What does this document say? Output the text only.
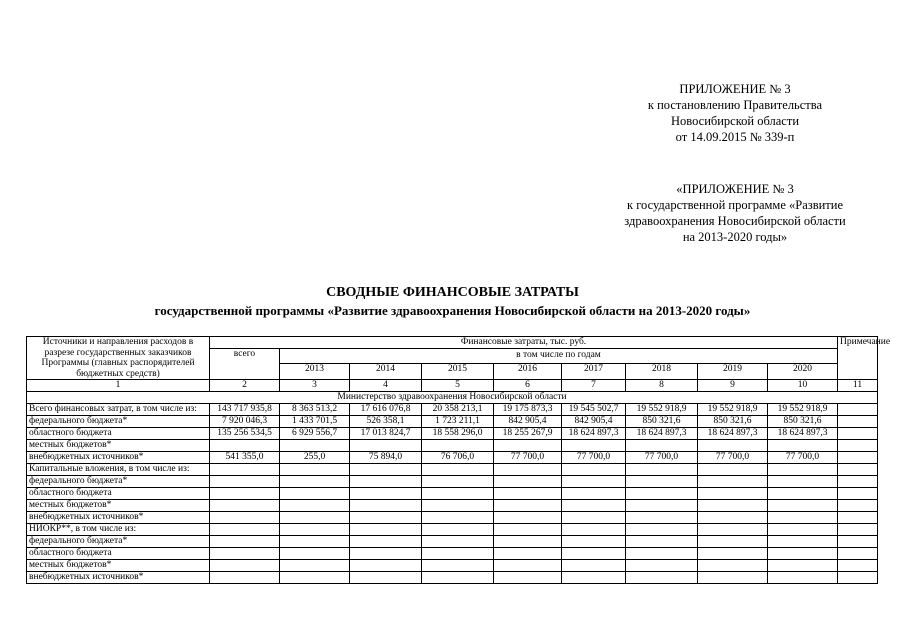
ПРИЛОЖЕНИЕ № 3
к постановлению Правительства
Новосибирской области
от 14.09.2015 № 339-п
«ПРИЛОЖЕНИЕ № 3
к государственной программе «Развитие
здравоохранения Новосибирской области
на 2013-2020 годы»
СВОДНЫЕ ФИНАНСОВЫЕ ЗАТРАТЫ
государственной программы «Развитие здравоохранения Новосибирской области на 2013-2020 годы»
Источники и направления расходов в разрезе государственных заказчиков Программы (главных распорядителей бюджетных средств)	Финансовые затраты, тыс. руб.									Примечание
	всего	в том числе по годам								
		2013	2014	2015	2016	2017	2018	2019	2020	

1	2	3	4	5	6	7	8	9	10	11
Министерство здравоохранения Новосибирской области										
Всего финансовых затрат, в том числе из:	143 717 935,8	8 363 513,2	17 616 076,8	20 358 213,1	19 175 873,3	19 545 502,7	19 552 918,9	19 552 918,9	19 552 918,9	
федерального бюджета*	7 920 046,3	1 433 701,5	526 358,1	1 723 211,1	842 905,4	842 905,4	850 321,6	850 321,6	850 321,6	
областного бюджета	135 256 534,5	6 929 556,7	17 013 824,7	18 558 296,0	18 255 267,9	18 624 897,3	18 624 897,3	18 624 897,3	18 624 897,3	
местных бюджетов*										
внебюджетных источников*	541 355,0	255,0	75 894,0	76 706,0	77 700,0	77 700,0	77 700,0	77 700,0	77 700,0	
Капитальные вложения, в том числе из:										
федерального бюджета*										
областного бюджета										
местных бюджетов*										
внебюджетных источников*										
НИОКР**, в том числе из:										
федерального бюджета*										
областного бюджета										
местных бюджетов*										
внебюджетных источников*										
